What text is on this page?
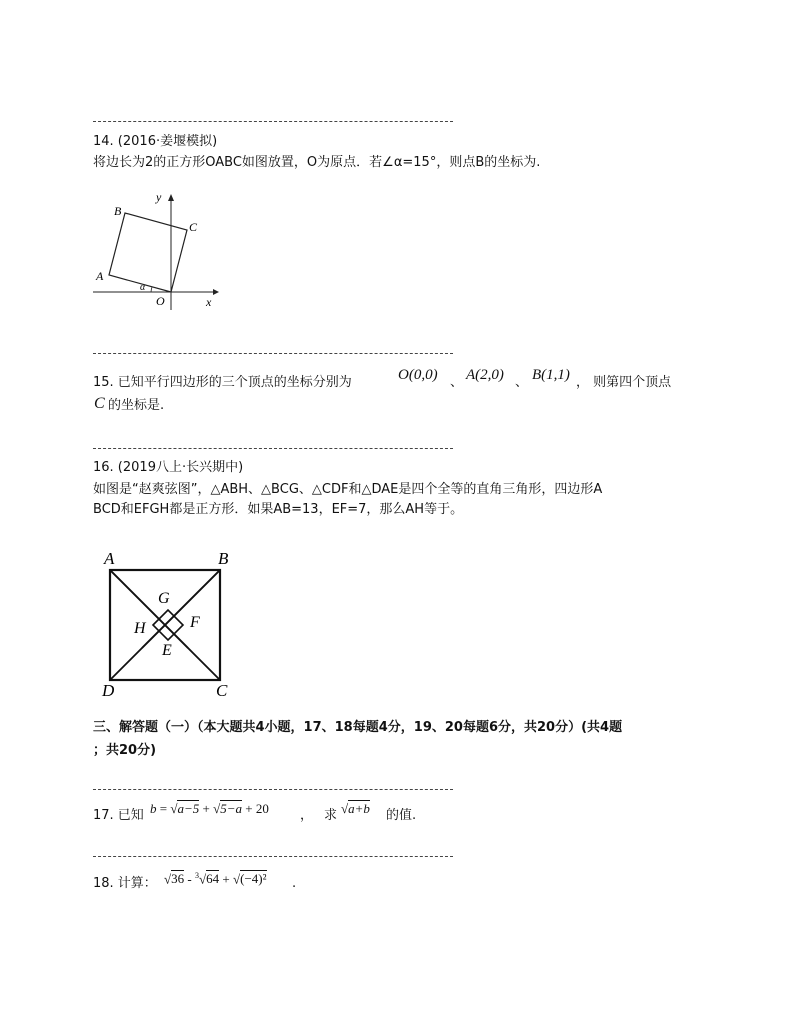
14. (2016·姜堰模拟)
将边长为2的正方形OABC如图放置，O为原点．若∠α=15°，则点B的坐标为.
y
x
O
A
B
C
α
15. 已知平行四边形的三个顶点的坐标分别为	O(0,0) 、 A(2,0) 、 B(1,1) ， 则第四个顶点
C 的坐标是.
16. (2019八上·长兴期中)
如图是“赵爽弦图”，△ABH、△BCG、△CDF和△DAE是四个全等的直角三角形，四边形A
BCD和EFGH都是正方形．如果AB=13，EF=7，那么AH等于。
A	B
C
D
G
H	F
E
三、解答题（一）（本大题共4小题，17、18每题4分，19、20每题6分，共20分）(共4题
；共20分)
17. 已知 b = √a−5 + √5−a + 20 ， 求 √a+b 的值.
18. 计算： √36 - $^3$√64 + √(−4)² .
